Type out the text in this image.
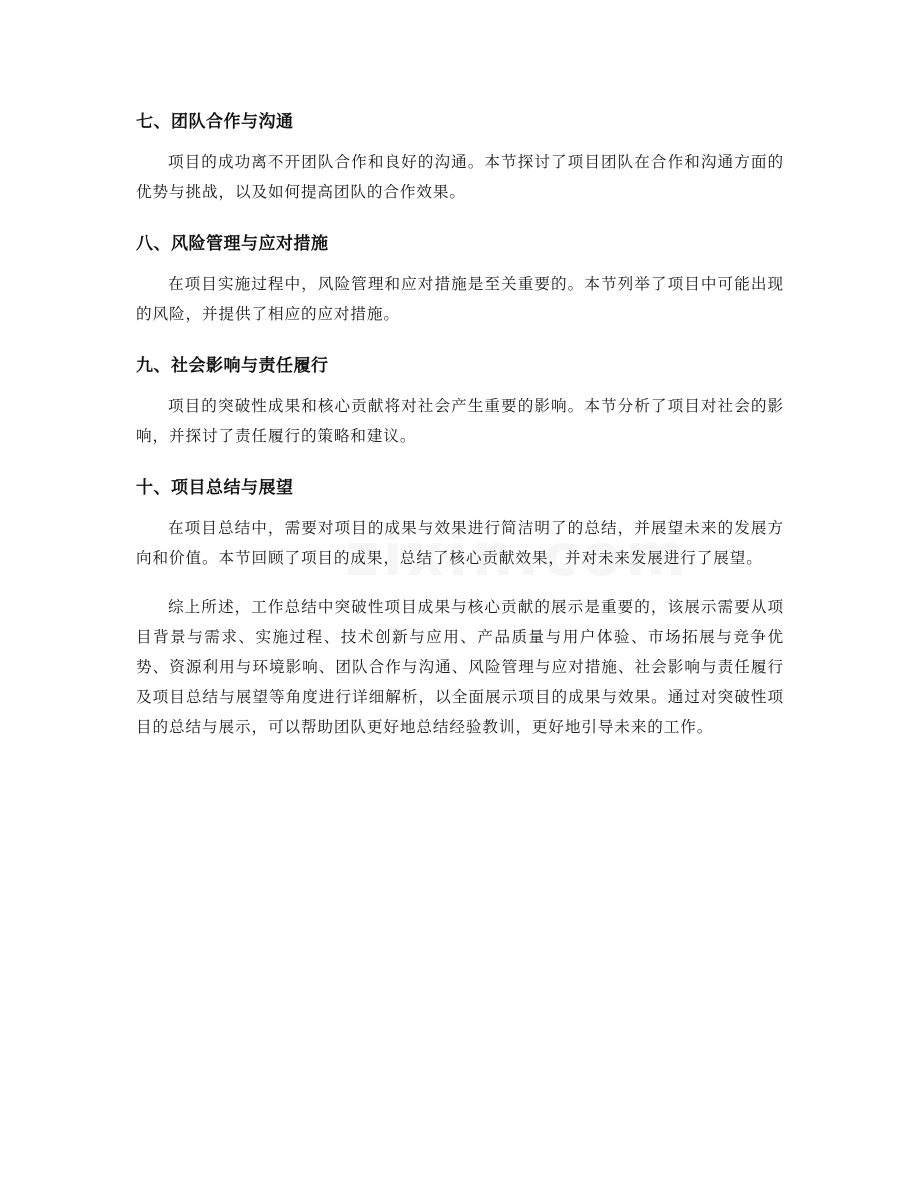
七、团队合作与沟通

项目的成功离不开团队合作和良好的沟通。本节探讨了项目团队在合作和沟通方面的优势与挑战，以及如何提高团队的合作效果。

八、风险管理与应对措施

在项目实施过程中，风险管理和应对措施是至关重要的。本节列举了项目中可能出现的风险，并提供了相应的应对措施。

九、社会影响与责任履行

项目的突破性成果和核心贡献将对社会产生重要的影响。本节分析了项目对社会的影响，并探讨了责任履行的策略和建议。

十、项目总结与展望

在项目总结中，需要对项目的成果与效果进行简洁明了的总结，并展望未来的发展方向和价值。本节回顾了项目的成果，总结了核心贡献效果，并对未来发展进行了展望。

综上所述，工作总结中突破性项目成果与核心贡献的展示是重要的，该展示需要从项目背景与需求、实施过程、技术创新与应用、产品质量与用户体验、市场拓展与竞争优势、资源利用与环境影响、团队合作与沟通、风险管理与应对措施、社会影响与责任履行及项目总结与展望等角度进行详细解析，以全面展示项目的成果与效果。通过对突破性项目的总结与展示，可以帮助团队更好地总结经验教训，更好地引导未来的工作。
